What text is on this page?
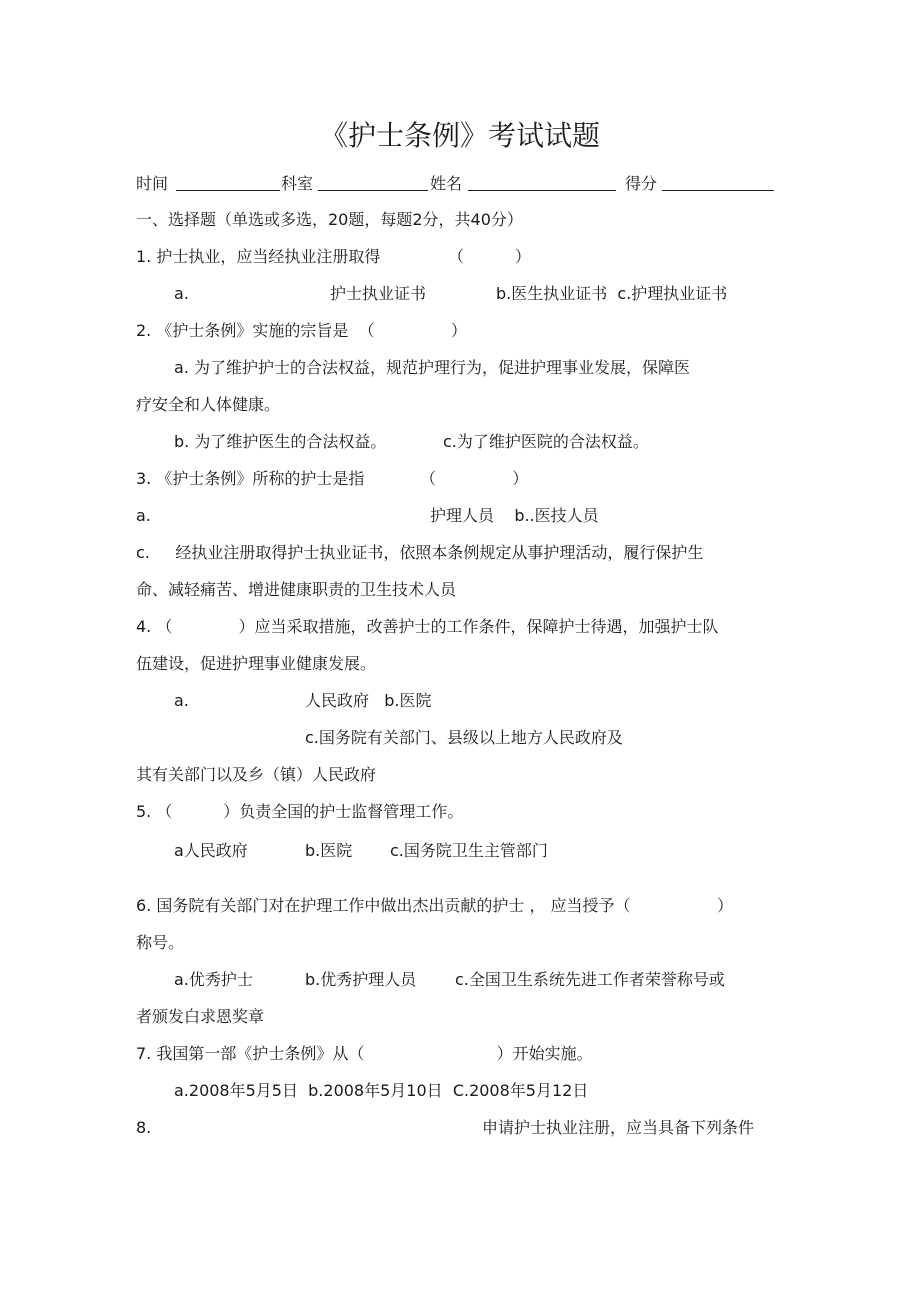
《护士条例》考试试题
时间	科室	姓名	得分
一、选择题（单选或多选，20题，每题2分，共40分）
1. 护士执业，应当经执业注册取得	（          ）
a.	护士执业证书	b.医生执业证书  c.护理执业证书
2. 《护士条例》实施的宗旨是  （               ）
a. 为了维护护士的合法权益，规范护理行为，促进护理事业发展，保障医
疗安全和人体健康。
b. 为了维护医生的合法权益。	c.为了维护医院的合法权益。
3. 《护士条例》所称的护士是指	（               ）
a.	护理人员    b..医技人员
c.     经执业注册取得护士执业证书，依照本条例规定从事护理活动，履行保护生
命、减轻痛苦、增进健康职责的卫生技术人员
4. （             ）应当采取措施，改善护士的工作条件，保障护士待遇，加强护士队
伍建设，促进护理事业健康发展。
a.	人民政府   b.医院
c.国务院有关部门、县级以上地方人民政府及
其有关部门以及乡（镇）人民政府
5. （          ）负责全国的护士监督管理工作。
a人民政府	b.医院 c.国务院卫生主管部门
6. 国务院有关部门对在护理工作中做出杰出贡献的护士 ， 应当授予（                 ）
称号。
a.优秀护士	b.优秀护理人员 c.全国卫生系统先进工作者荣誉称号或
者颁发白求恩奖章
7. 我国第一部《护士条例》从（                          ）开始实施。
a.2008年5月5日  b.2008年5月10日  C.2008年5月12日
8.	申请护士执业注册，应当具备下列条件
